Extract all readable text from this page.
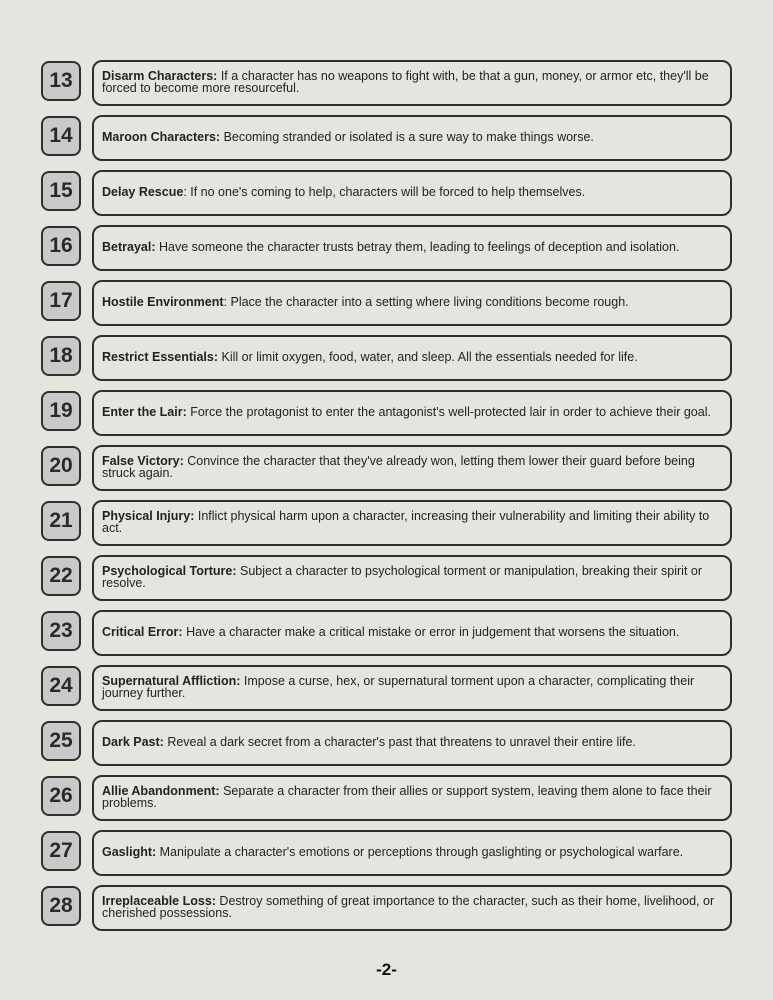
13	Disarm Characters: If a character has no weapons to fight with, be that a gun, money, or armor etc, they'll be forced to become more resourceful.
14	Maroon Characters: Becoming stranded or isolated is a sure way to make things worse.
15	Delay Rescue: If no one's coming to help, characters will be forced to help themselves.
16	Betrayal: Have someone the character trusts betray them, leading to feelings of deception and isolation.
17	Hostile Environment: Place the character into a setting where living conditions become rough.
18	Restrict Essentials: Kill or limit oxygen, food, water, and sleep. All the essentials needed for life.
19	Enter the Lair: Force the protagonist to enter the antagonist's well-protected lair in order to achieve their goal.
20	False Victory: Convince the character that they've already won, letting them lower their guard before being struck again.
21	Physical Injury: Inflict physical harm upon a character, increasing their vulnerability and limiting their ability to act.
22	Psychological Torture: Subject a character to psychological torment or manipulation, breaking their spirit or resolve.
23	Critical Error: Have a character make a critical mistake or error in judgement that worsens the situation.
24	Supernatural Affliction: Impose a curse, hex, or supernatural torment upon a character, complicating their journey further.
25	Dark Past: Reveal a dark secret from a character's past that threatens to unravel their entire life.
26	Allie Abandonment: Separate a character from their allies or support system, leaving them alone to face their problems.
27	Gaslight: Manipulate a character's emotions or perceptions through gaslighting or psychological warfare.
28	Irreplaceable Loss: Destroy something of great importance to the character, such as their home, livelihood, or cherished possessions.
-2-
